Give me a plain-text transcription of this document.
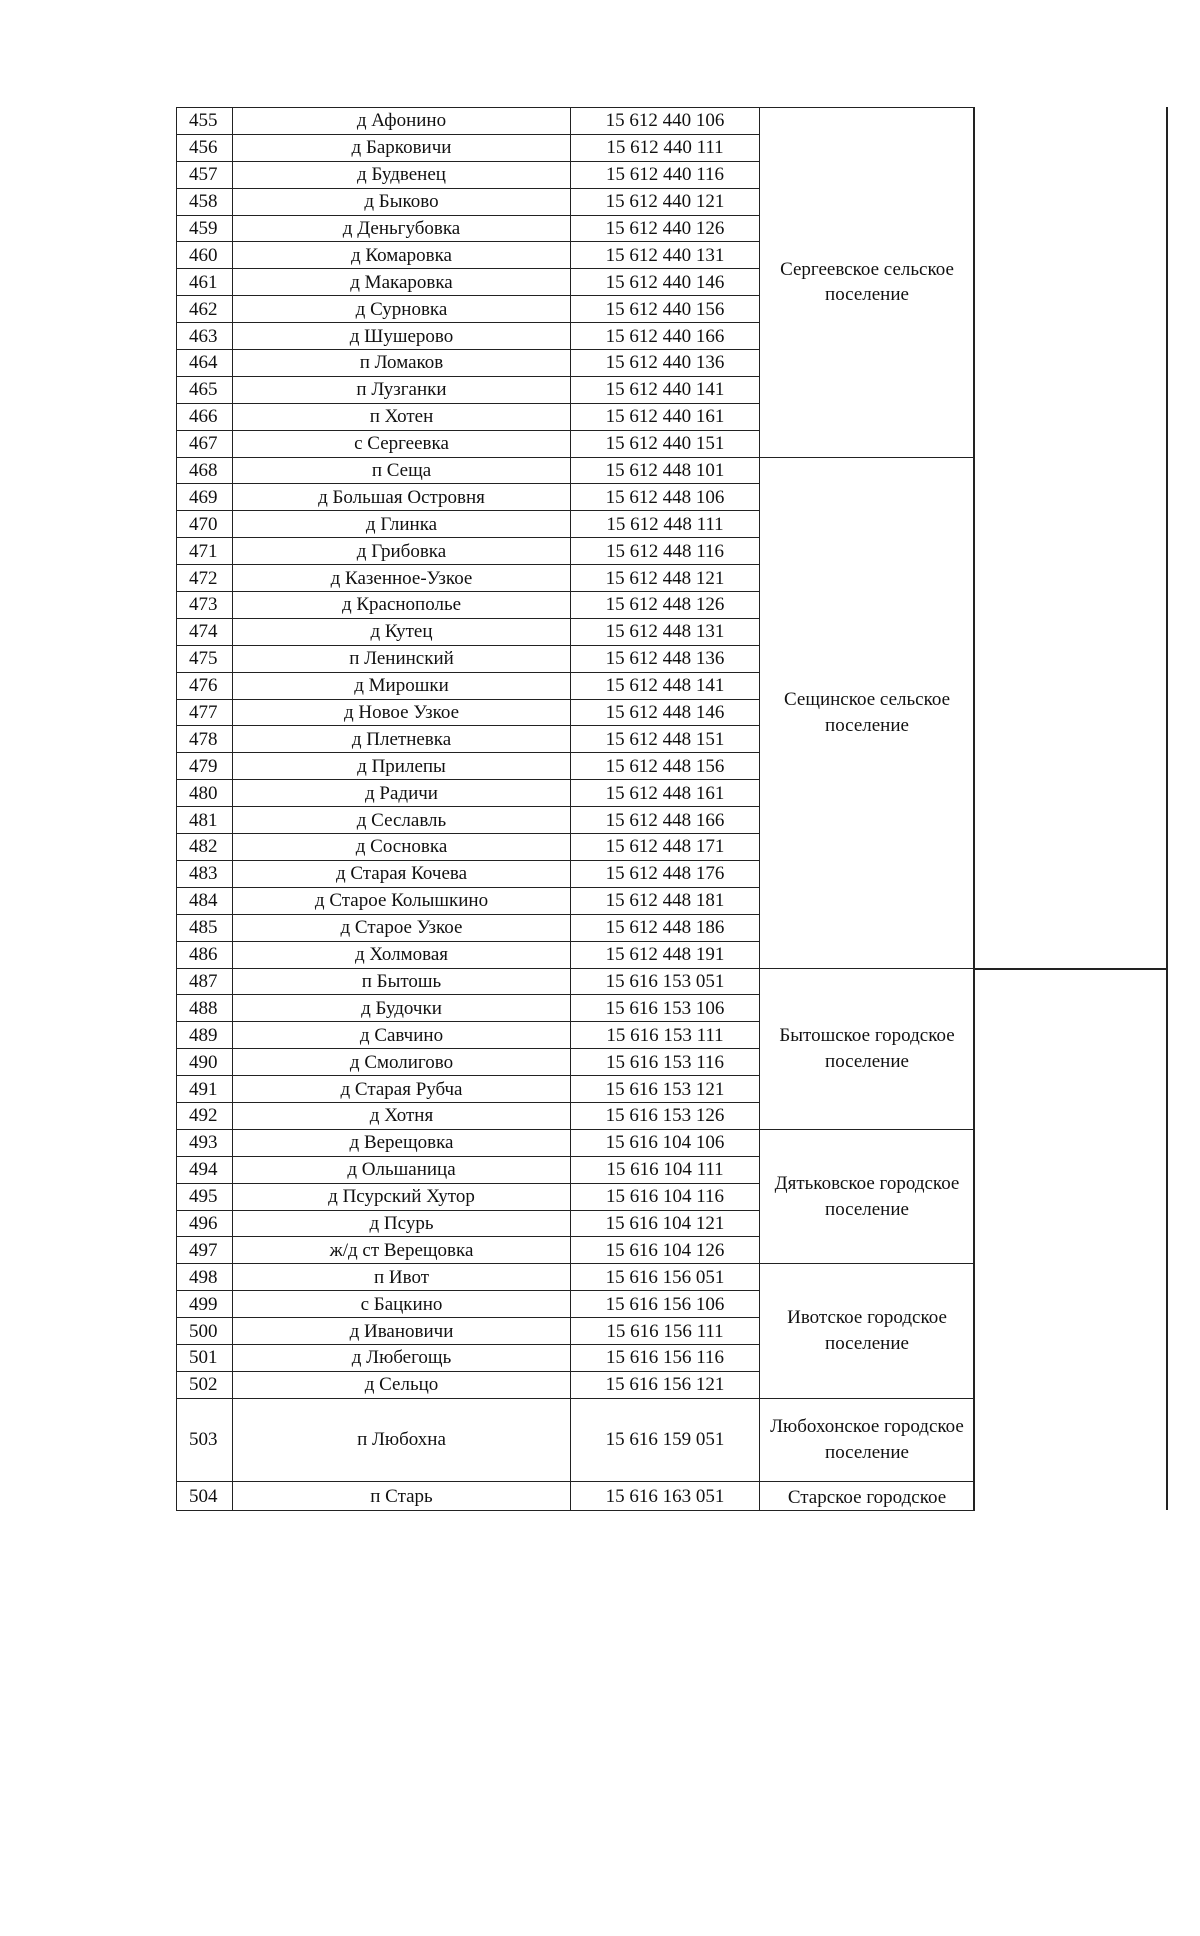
455	д Афонино	15 612 440 106	Сергеевское сельское поселение
456	д Барковичи	15 612 440 111	
457	д Будвенец	15 612 440 116	
458	д Быково	15 612 440 121	
459	д Деньгубовка	15 612 440 126	
460	д Комаровка	15 612 440 131	
461	д Макаровка	15 612 440 146	
462	д Сурновка	15 612 440 156	
463	д Шушерово	15 612 440 166	
464	п Ломаков	15 612 440 136	
465	п Лузганки	15 612 440 141	
466	п Хотен	15 612 440 161	
467	с Сергеевка	15 612 440 151	
468	п Сеща	15 612 448 101	Сещинское сельское поселение
469	д Большая Островня	15 612 448 106	
470	д Глинка	15 612 448 111	
471	д Грибовка	15 612 448 116	
472	д Казенное-Узкое	15 612 448 121	
473	д Краснополье	15 612 448 126	
474	д Кутец	15 612 448 131	
475	п Ленинский	15 612 448 136	
476	д Мирошки	15 612 448 141	
477	д Новое Узкое	15 612 448 146	
478	д Плетневка	15 612 448 151	
479	д Прилепы	15 612 448 156	
480	д Радичи	15 612 448 161	
481	д Сеславль	15 612 448 166	
482	д Сосновка	15 612 448 171	
483	д Старая Кочева	15 612 448 176	
484	д Старое Колышкино	15 612 448 181	
485	д Старое Узкое	15 612 448 186	
486	д Холмовая	15 612 448 191	
487	п Бытошь	15 616 153 051	Бытошское городское поселение
488	д Будочки	15 616 153 106	
489	д Савчино	15 616 153 111	
490	д Смолигово	15 616 153 116	
491	д Старая Рубча	15 616 153 121	
492	д Хотня	15 616 153 126	
493	д Верещовка	15 616 104 106	Дятьковское городское поселение
494	д Ольшаница	15 616 104 111	
495	д Псурский Хутор	15 616 104 116	
496	д Псурь	15 616 104 121	
497	ж/д ст Верещовка	15 616 104 126	
498	п Ивот	15 616 156 051	Ивотское городское поселение
499	с Бацкино	15 616 156 106	
500	д Ивановичи	15 616 156 111	
501	д Любегощь	15 616 156 116	
502	д Сельцо	15 616 156 121	
503	п Любохна	15 616 159 051	Любохонское городское поселение
504	п Старь	15 616 163 051	Старское городское
